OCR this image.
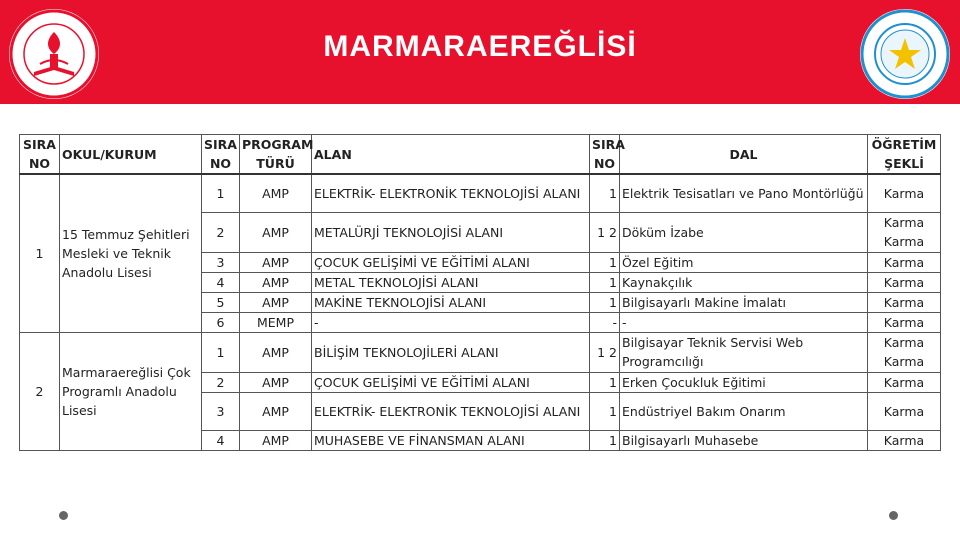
MARMARAEREĞLİSİ
SIRA NO	OKUL/KURUM	SIRA NO	PROGRAM TÜRÜ	ALAN	SIRA NO	DAL	ÖĞRETİM ŞEKLİ
1	15 Temmuz Şehitleri Mesleki ve Teknik Anadolu Lisesi	1	AMP	ELEKTRİK- ELEKTRONİK TEKNOLOJİSİ ALANI	1	Elektrik Tesisatları ve Pano Montörlüğü	Karma
		2	AMP	METALÜRJİ TEKNOLOJİSİ ALANI	1 2	Döküm İzabe	Karma Karma
		3	AMP	ÇOCUK GELİŞİMİ VE EĞİTİMİ ALANI	1	Özel Eğitim	Karma
		4	AMP	METAL TEKNOLOJİSİ ALANI	1	Kaynakçılık	Karma
		5	AMP	MAKİNE TEKNOLOJİSİ ALANI	1	Bilgisayarlı Makine İmalatı	Karma
		6	MEMP	-	-	-	Karma
2	Marmaraereğlisi Çok Programlı Anadolu Lisesi	1	AMP	BİLİŞİM TEKNOLOJİLERİ ALANI	1 2	Bilgisayar Teknik Servisi Web Programcılığı	Karma Karma
		2	AMP	ÇOCUK GELİŞİMİ VE EĞİTİMİ ALANI	1	Erken Çocukluk Eğitimi	Karma
		3	AMP	ELEKTRİK- ELEKTRONİK TEKNOLOJİSİ ALANI	1	Endüstriyel Bakım Onarım	Karma
		4	AMP	MUHASEBE VE FİNANSMAN ALANI	1	Bilgisayarlı Muhasebe	Karma
